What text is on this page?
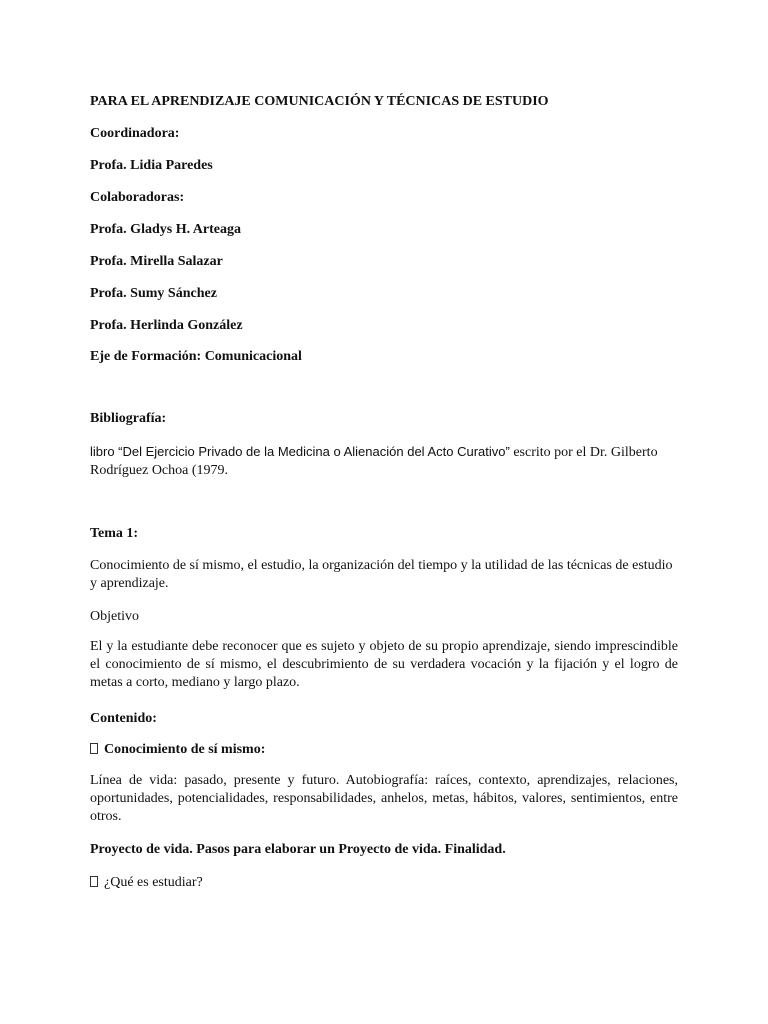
PARA EL APRENDIZAJE COMUNICACIÓN Y TÉCNICAS DE ESTUDIO
Coordinadora:
Profa. Lidia Paredes
Colaboradoras:
Profa. Gladys H. Arteaga
Profa. Mirella Salazar
Profa. Sumy Sánchez
Profa. Herlinda González
Eje de Formación: Comunicacional
Bibliografía:
libro “Del Ejercicio Privado de la Medicina o Alienación del Acto Curativo” escrito por el Dr. Gilberto Rodríguez Ochoa (1979.
Tema 1:
Conocimiento de sí mismo, el estudio, la organización del tiempo y la utilidad de las técnicas de estudio y aprendizaje.
Objetivo
El y la estudiante debe reconocer que es sujeto y objeto de su propio aprendizaje, siendo imprescindible el conocimiento de sí mismo, el descubrimiento de su verdadera vocación y la fijación y el logro de metas a corto, mediano y largo plazo.
Contenido:
Conocimiento de sí mismo:
Línea de vida: pasado, presente y futuro. Autobiografía: raíces, contexto, aprendizajes, relaciones, oportunidades, potencialidades, responsabilidades, anhelos, metas, hábitos, valores, sentimientos, entre otros.
Proyecto de vida. Pasos para elaborar un Proyecto de vida. Finalidad.
¿Qué es estudiar?
